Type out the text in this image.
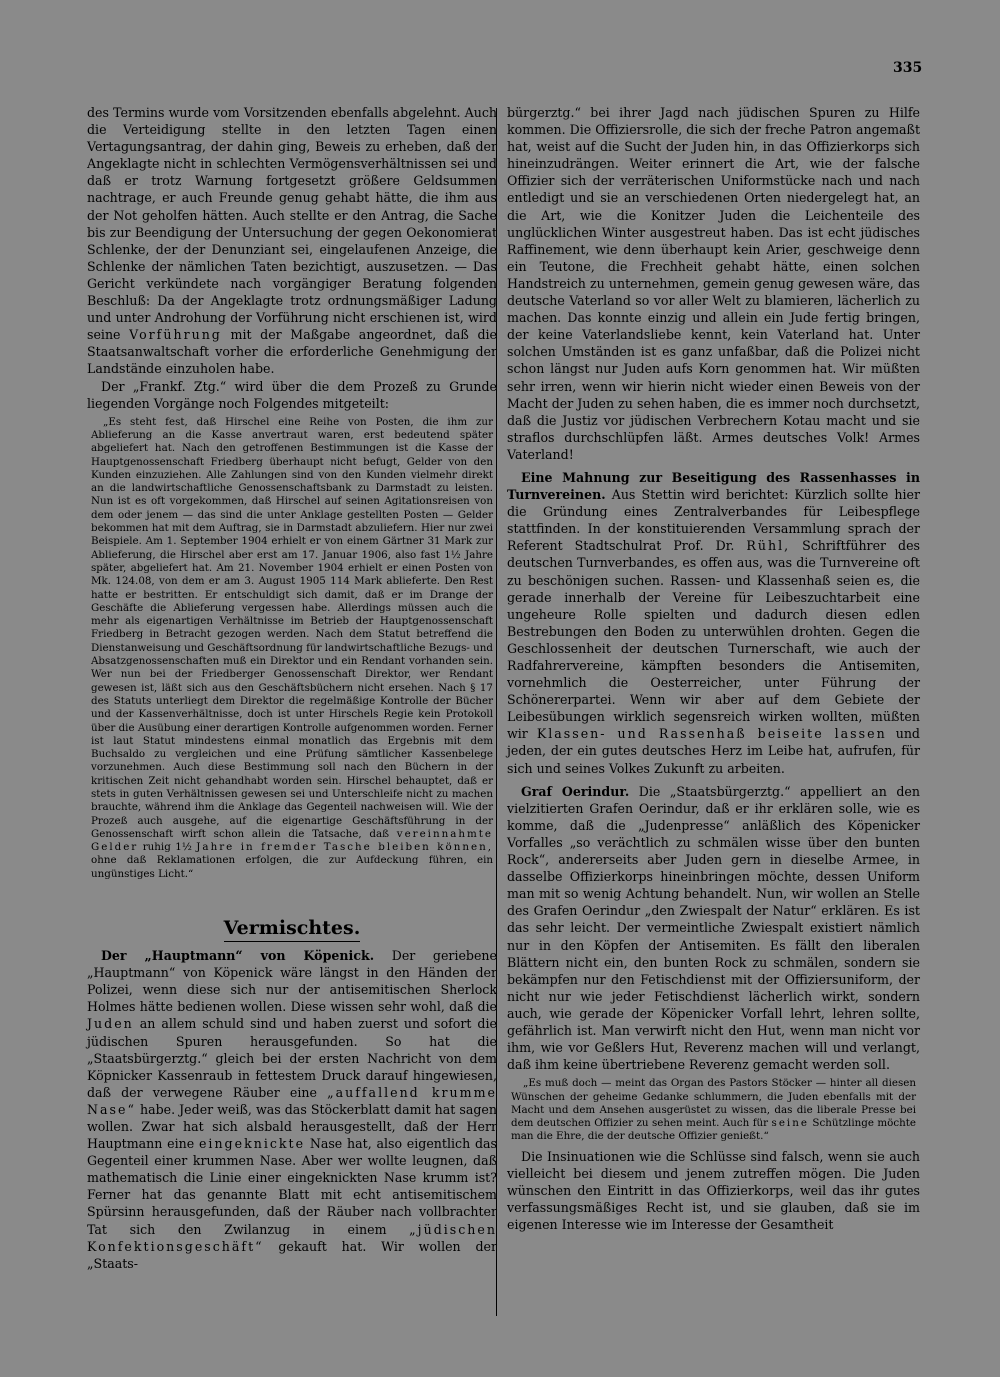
335

des Termins wurde vom Vorsitzenden ebenfalls abgelehnt. Auch die Verteidigung stellte in den letzten Tagen einen Vertagungsantrag, der dahin ging, Beweis zu erheben, daß der Angeklagte nicht in schlechten Vermögensverhältnissen sei und daß er trotz Warnung fortgesetzt größere Geldsummen nachtrage, er auch Freunde genug gehabt hätte, die ihm aus der Not geholfen hätten. Auch stellte er den Antrag, die Sache bis zur Beendigung der Untersuchung der gegen Oekonomierat Schlenke, der der Denunziant sei, eingelaufenen Anzeige, die Schlenke der nämlichen Taten bezichtigt, auszusetzen. — Das Gericht verkündete nach vorgängiger Beratung folgenden Beschluß: Da der Angeklagte trotz ordnungsmäßiger Ladung und unter Androhung der Vorführung nicht erschienen ist, wird seine Vorführung mit der Maßgabe angeordnet, daß die Staatsanwaltschaft vorher die erforderliche Genehmigung der Landstände einzuholen habe.

Der „Frankf. Ztg.“ wird über die dem Prozeß zu Grunde liegenden Vorgänge noch Folgendes mitgeteilt:

„Es steht fest, daß Hirschel eine Reihe von Posten, die ihm zur Ablieferung an die Kasse anvertraut waren, erst bedeutend später abgeliefert hat. Nach den getroffenen Bestimmungen ist die Kasse der Hauptgenossenschaft Friedberg überhaupt nicht befugt, Gelder von den Kunden einzuziehen. Alle Zahlungen sind von den Kunden vielmehr direkt an die landwirtschaftliche Genossenschaftsbank zu Darmstadt zu leisten. Nun ist es oft vorgekommen, daß Hirschel auf seinen Agitationsreisen von dem oder jenem — das sind die unter Anklage gestellten Posten — Gelder bekommen hat mit dem Auftrag, sie in Darmstadt abzuliefern. Hier nur zwei Beispiele. Am 1. September 1904 erhielt er von einem Gärtner 31 Mark zur Ablieferung, die Hirschel aber erst am 17. Januar 1906, also fast 1½ Jahre später, abgeliefert hat. Am 21. November 1904 erhielt er einen Posten von Mk. 124.08, von dem er am 3. August 1905 114 Mark ablieferte. Den Rest hatte er bestritten. Er entschuldigt sich damit, daß er im Drange der Geschäfte die Ablieferung vergessen habe. Allerdings müssen auch die mehr als eigenartigen Verhältnisse im Betrieb der Hauptgenossenschaft Friedberg in Betracht gezogen werden. Nach dem Statut betreffend die Dienstanweisung und Geschäftsordnung für landwirtschaftliche Bezugs- und Absatzgenossenschaften muß ein Direktor und ein Rendant vorhanden sein. Wer nun bei der Friedberger Genossenschaft Direktor, wer Rendant gewesen ist, läßt sich aus den Geschäftsbüchern nicht ersehen. Nach § 17 des Statuts unterliegt dem Direktor die regelmäßige Kontrolle der Bücher und der Kassenverhältnisse, doch ist unter Hirschels Regie kein Protokoll über die Ausübung einer derartigen Kontrolle aufgenommen worden. Ferner ist laut Statut mindestens einmal monatlich das Ergebnis mit dem Buchsaldo zu vergleichen und eine Prüfung sämtlicher Kassenbelege vorzunehmen. Auch diese Bestimmung soll nach den Büchern in der kritischen Zeit nicht gehandhabt worden sein. Hirschel behauptet, daß er stets in guten Verhältnissen gewesen sei und Unterschleife nicht zu machen brauchte, während ihm die Anklage das Gegenteil nachweisen will. Wie der Prozeß auch ausgehe, auf die eigenartige Geschäftsführung in der Genossenschaft wirft schon allein die Tatsache, daß vereinnahmte Gelder ruhig 1½ Jahre in fremder Tasche bleiben können, ohne daß Reklamationen erfolgen, die zur Aufdeckung führen, ein ungünstiges Licht.“

Vermischtes.

Der „Hauptmann“ von Köpenick. Der geriebene „Hauptmann“ von Köpenick wäre längst in den Händen der Polizei, wenn diese sich nur der antisemitischen Sherlock Holmes hätte bedienen wollen. Diese wissen sehr wohl, daß die Juden an allem schuld sind und haben zuerst und sofort die jüdischen Spuren herausgefunden. So hat die „Staatsbürgerztg.“ gleich bei der ersten Nachricht von dem Köpnicker Kassenraub in fettestem Druck darauf hingewiesen, daß der verwegene Räuber eine „auffallend krumme Nase“ habe. Jeder weiß, was das Stöckerblatt damit hat sagen wollen. Zwar hat sich alsbald herausgestellt, daß der Herr Hauptmann eine eingeknickte Nase hat, also eigentlich das Gegenteil einer krummen Nase. Aber wer wollte leugnen, daß mathematisch die Linie einer eingeknickten Nase krumm ist? Ferner hat das genannte Blatt mit echt antisemitischem Spürsinn herausgefunden, daß der Räuber nach vollbrachter Tat sich den Zwilanzug in einem „jüdischen Konfektionsgeschäft“ gekauft hat. Wir wollen der „Staats-

bürgerztg.“ bei ihrer Jagd nach jüdischen Spuren zu Hilfe kommen. Die Offiziersrolle, die sich der freche Patron angemaßt hat, weist auf die Sucht der Juden hin, in das Offizierkorps sich hineinzudrängen. Weiter erinnert die Art, wie der falsche Offizier sich der verräterischen Uniformstücke nach und nach entledigt und sie an verschiedenen Orten niedergelegt hat, an die Art, wie die Konitzer Juden die Leichenteile des unglücklichen Winter ausgestreut haben. Das ist echt jüdisches Raffinement, wie denn überhaupt kein Arier, geschweige denn ein Teutone, die Frechheit gehabt hätte, einen solchen Handstreich zu unternehmen, gemein genug gewesen wäre, das deutsche Vaterland so vor aller Welt zu blamieren, lächerlich zu machen. Das konnte einzig und allein ein Jude fertig bringen, der keine Vaterlandsliebe kennt, kein Vaterland hat. Unter solchen Umständen ist es ganz unfaßbar, daß die Polizei nicht schon längst nur Juden aufs Korn genommen hat. Wir müßten sehr irren, wenn wir hierin nicht wieder einen Beweis von der Macht der Juden zu sehen haben, die es immer noch durchsetzt, daß die Justiz vor jüdischen Verbrechern Kotau macht und sie straflos durchschlüpfen läßt. Armes deutsches Volk! Armes Vaterland!

Eine Mahnung zur Beseitigung des Rassenhasses in Turnvereinen. Aus Stettin wird berichtet: Kürzlich sollte hier die Gründung eines Zentralverbandes für Leibespflege stattfinden. In der konstituierenden Versammlung sprach der Referent Stadtschulrat Prof. Dr. Rühl, Schriftführer des deutschen Turnverbandes, es offen aus, was die Turnvereine oft zu beschönigen suchen. Rassen- und Klassenhaß seien es, die gerade innerhalb der Vereine für Leibeszuchtarbeit eine ungeheure Rolle spielten und dadurch diesen edlen Bestrebungen den Boden zu unterwühlen drohten. Gegen die Geschlossenheit der deutschen Turnerschaft, wie auch der Radfahrervereine, kämpften besonders die Antisemiten, vornehmlich die Oesterreicher, unter Führung der Schönererpartei. Wenn wir aber auf dem Gebiete der Leibesübungen wirklich segensreich wirken wollten, müßten wir Klassen- und Rassenhaß beiseite lassen und jeden, der ein gutes deutsches Herz im Leibe hat, aufrufen, für sich und seines Volkes Zukunft zu arbeiten.

Graf Oerindur. Die „Staatsbürgerztg.“ appelliert an den vielzitierten Grafen Oerindur, daß er ihr erklären solle, wie es komme, daß die „Judenpresse“ anläßlich des Köpenicker Vorfalles „so verächtlich zu schmälen wisse über den bunten Rock“, andererseits aber Juden gern in dieselbe Armee, in dasselbe Offizierkorps hineinbringen möchte, dessen Uniform man mit so wenig Achtung behandelt. Nun, wir wollen an Stelle des Grafen Oerindur „den Zwiespalt der Natur“ erklären. Es ist das sehr leicht. Der vermeintliche Zwiespalt existiert nämlich nur in den Köpfen der Antisemiten. Es fällt den liberalen Blättern nicht ein, den bunten Rock zu schmälen, sondern sie bekämpfen nur den Fetischdienst mit der Offiziersuniform, der nicht nur wie jeder Fetischdienst lächerlich wirkt, sondern auch, wie gerade der Köpenicker Vorfall lehrt, lehren sollte, gefährlich ist. Man verwirft nicht den Hut, wenn man nicht vor ihm, wie vor Geßlers Hut, Reverenz machen will und verlangt, daß ihm keine übertriebene Reverenz gemacht werden soll.

„Es muß doch — meint das Organ des Pastors Stöcker — hinter all diesen Wünschen der geheime Gedanke schlummern, die Juden ebenfalls mit der Macht und dem Ansehen ausgerüstet zu wissen, das die liberale Presse bei dem deutschen Offizier zu sehen meint. Auch für seine Schützlinge möchte man die Ehre, die der deutsche Offizier genießt.“

Die Insinuationen wie die Schlüsse sind falsch, wenn sie auch vielleicht bei diesem und jenem zutreffen mögen. Die Juden wünschen den Eintritt in das Offizierkorps, weil das ihr gutes verfassungsmäßiges Recht ist, und sie glauben, daß sie im eigenen Interesse wie im Interesse der Gesamtheit
